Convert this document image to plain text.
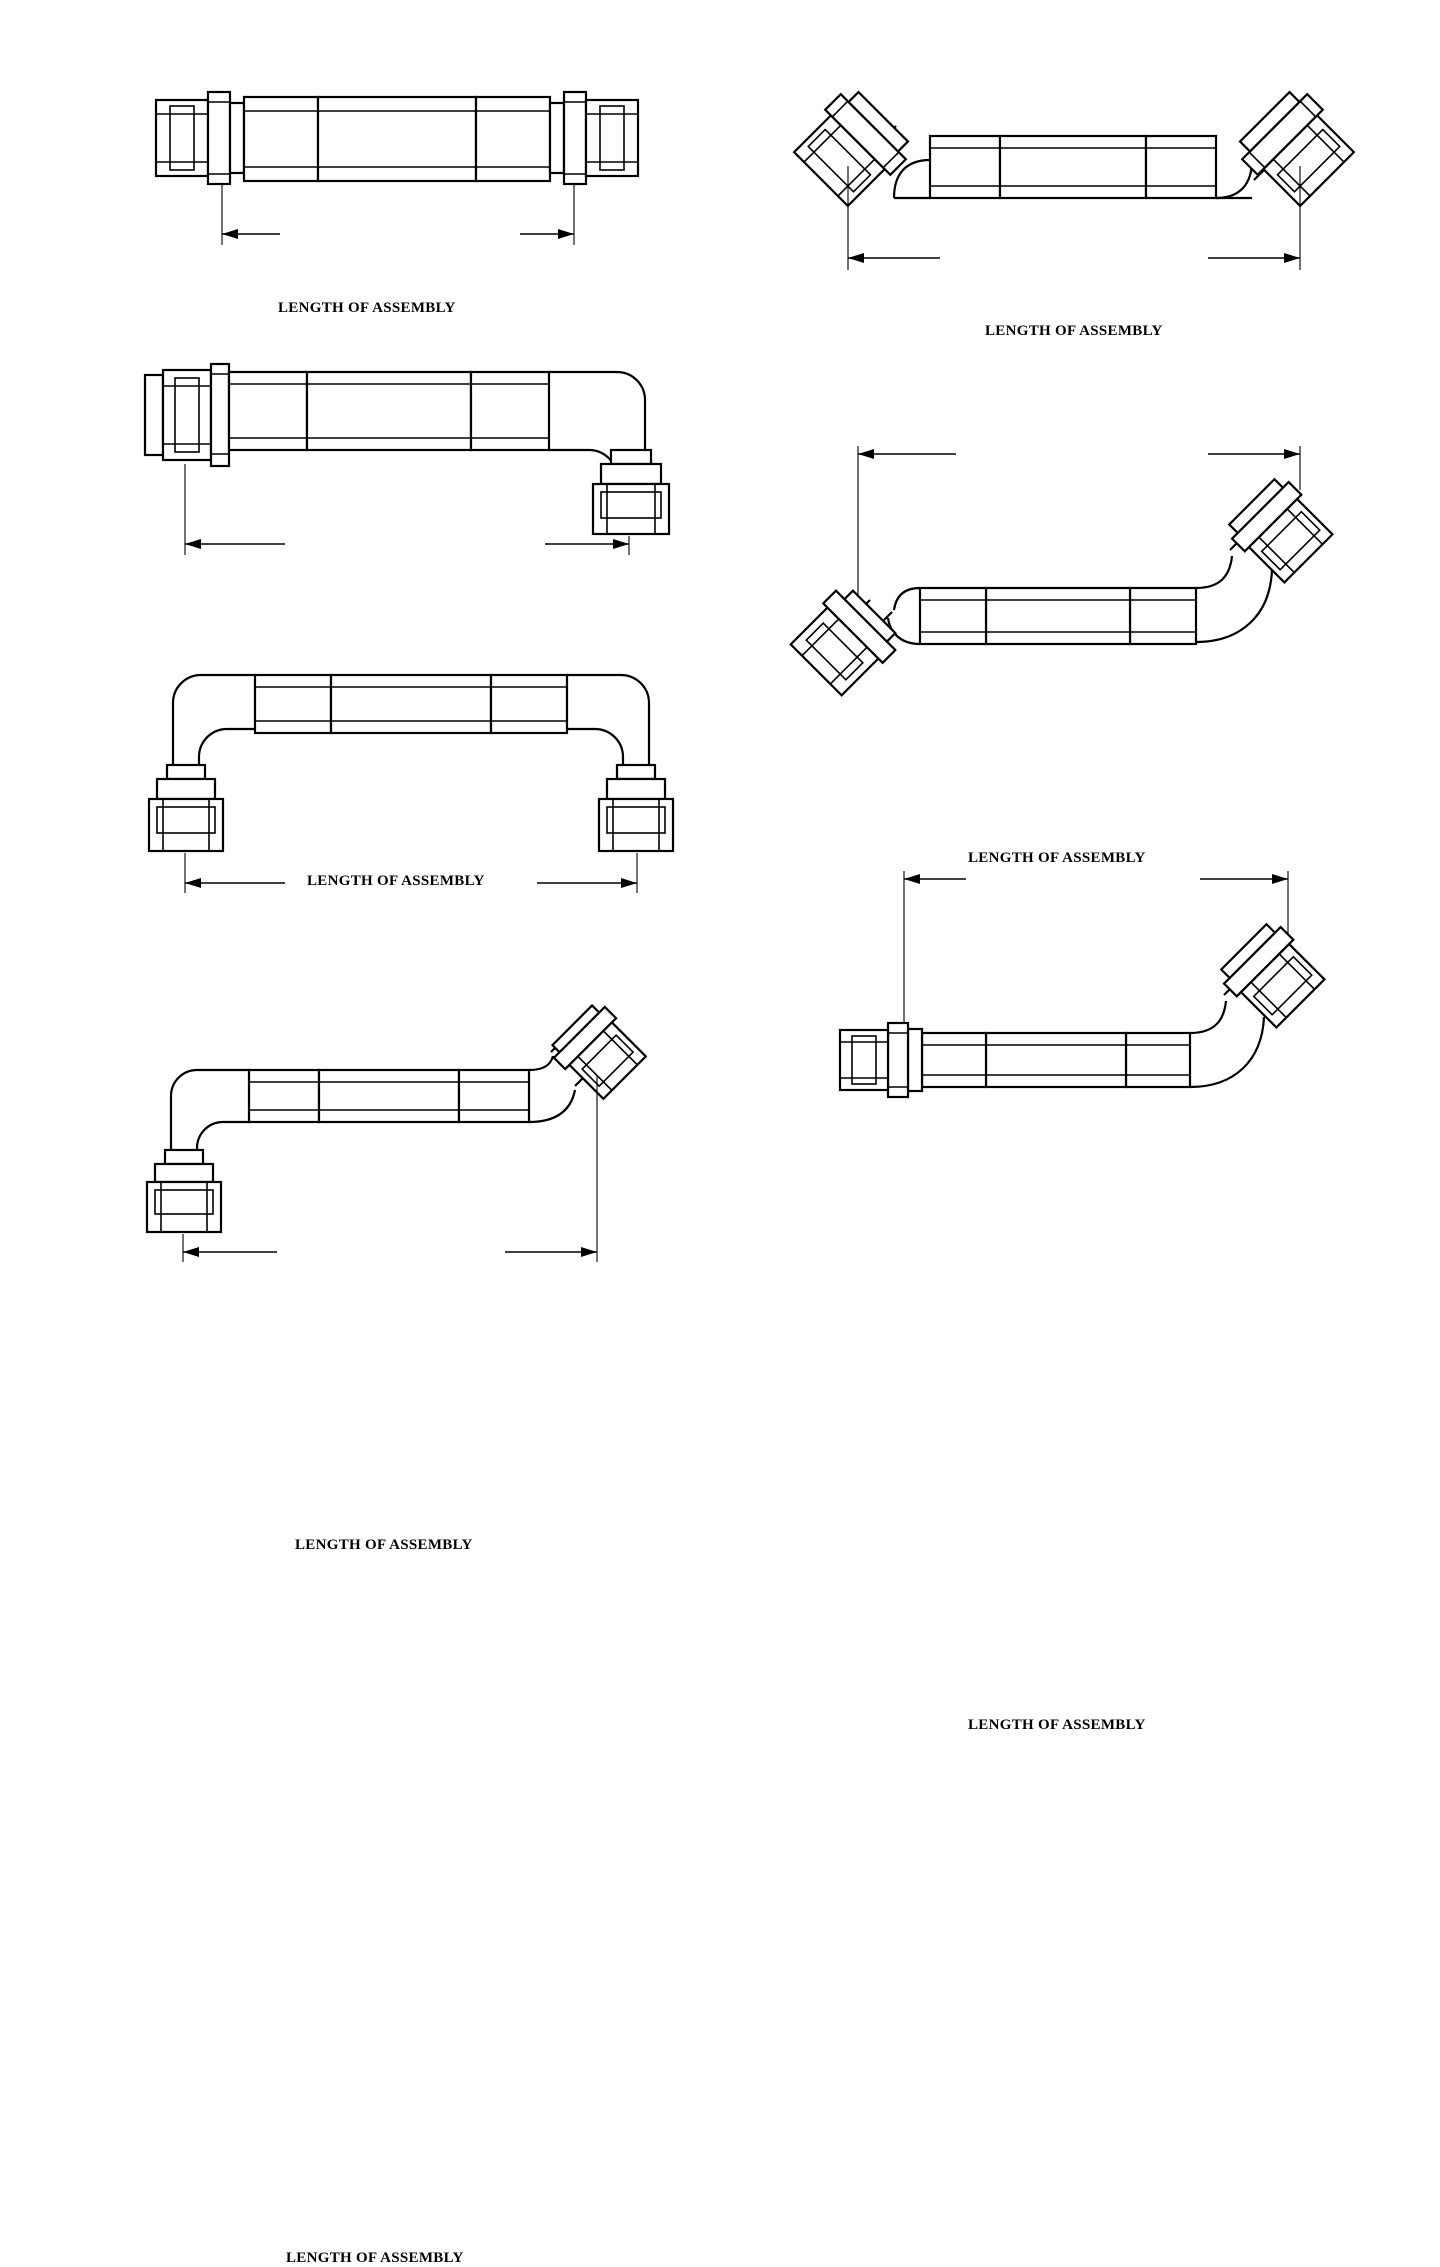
LENGTH OF ASSEMBLY
LENGTH OF ASSEMBLY
LENGTH OF ASSEMBLY
LENGTH OF ASSEMBLY
LENGTH OF ASSEMBLY
LENGTH OF ASSEMBLY
LENGTH OF ASSEMBLY
